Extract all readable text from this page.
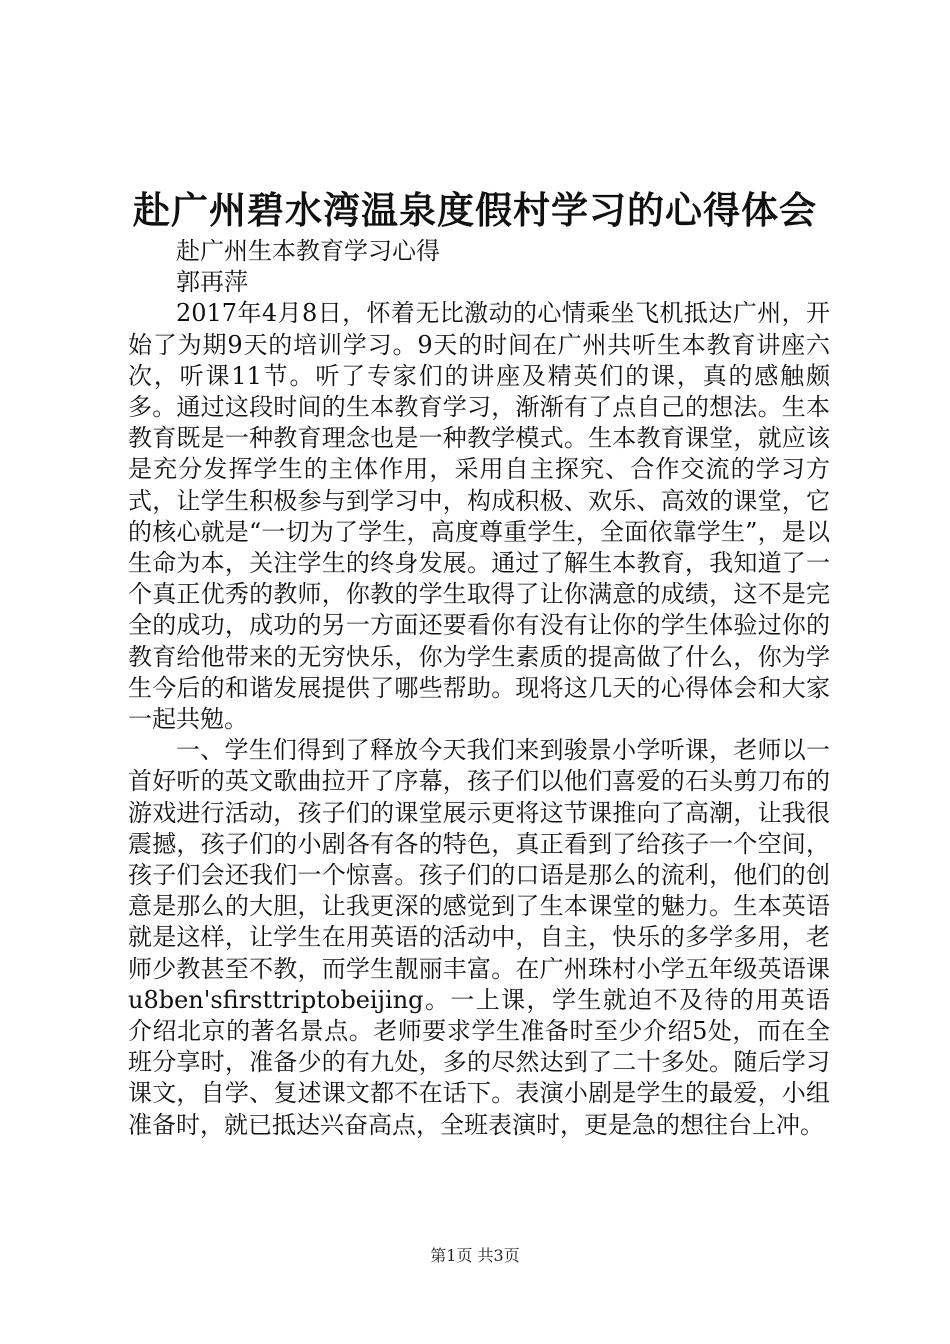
赴广州碧水湾温泉度假村学习的心得体会

赴广州生本教育学习心得

郭再萍

2017年4月8日，怀着无比激动的心情乘坐飞机抵达广州，开始了为期9天的培训学习。9天的时间在广州共听生本教育讲座六次，听课11节。听了专家们的讲座及精英们的课，真的感触颇多。通过这段时间的生本教育学习，渐渐有了点自己的想法。生本教育既是一种教育理念也是一种教学模式。生本教育课堂，就应该是充分发挥学生的主体作用，采用自主探究、合作交流的学习方式，让学生积极参与到学习中，构成积极、欢乐、高效的课堂，它的核心就是“一切为了学生，高度尊重学生，全面依靠学生”，是以生命为本，关注学生的终身发展。通过了解生本教育，我知道了一个真正优秀的教师，你教的学生取得了让你满意的成绩，这不是完全的成功，成功的另一方面还要看你有没有让你的学生体验过你的教育给他带来的无穷快乐，你为学生素质的提高做了什么，你为学生今后的和谐发展提供了哪些帮助。现将这几天的心得体会和大家一起共勉。

一、学生们得到了释放今天我们来到骏景小学听课，老师以一首好听的英文歌曲拉开了序幕，孩子们以他们喜爱的石头剪刀布的游戏进行活动，孩子们的课堂展示更将这节课推向了高潮，让我很震撼，孩子们的小剧各有各的特色，真正看到了给孩子一个空间，孩子们会还我们一个惊喜。孩子们的口语是那么的流利，他们的创意是那么的大胆，让我更深的感觉到了生本课堂的魅力。生本英语就是这样，让学生在用英语的活动中，自主，快乐的多学多用，老师少教甚至不教，而学生靓丽丰富。在广州珠村小学五年级英语课u8ben'sfirsttriptobeijing。一上课，学生就迫不及待的用英语介绍北京的著名景点。老师要求学生准备时至少介绍5处，而在全班分享时，准备少的有九处，多的尽然达到了二十多处。随后学习课文，自学、复述课文都不在话下。表演小剧是学生的最爱，小组准备时，就已抵达兴奋高点，全班表演时，更是急的想往台上冲。

第1页 共3页
